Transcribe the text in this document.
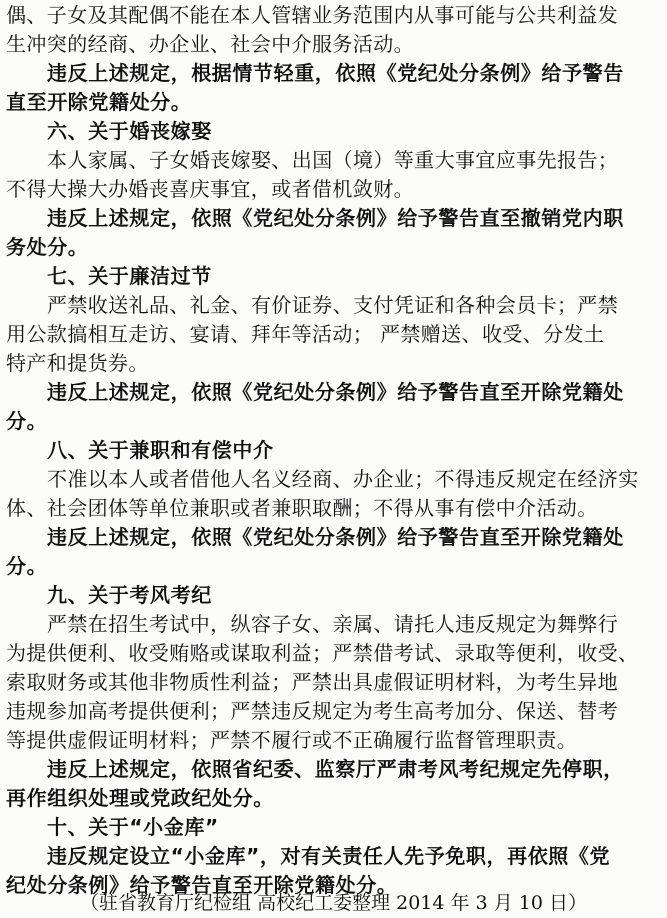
偶、子女及其配偶不能在本人管辖业务范围内从事可能与公共利益发
生冲突的经商、办企业、社会中介服务活动。
违反上述规定，根据情节轻重，依照《党纪处分条例》给予警告
直至开除党籍处分。
六、关于婚丧嫁娶
本人家属、子女婚丧嫁娶、出国（境）等重大事宜应事先报告；
不得大操大办婚丧喜庆事宜，或者借机敛财。
违反上述规定，依照《党纪处分条例》给予警告直至撤销党内职
务处分。
七、关于廉洁过节
严禁收送礼品、礼金、有价证券、支付凭证和各种会员卡；严禁
用公款搞相互走访、宴请、拜年等活动； 严禁赠送、收受、分发土
特产和提货券。
违反上述规定，依照《党纪处分条例》给予警告直至开除党籍处
分。
八、关于兼职和有偿中介
不准以本人或者借他人名义经商、办企业；不得违反规定在经济实
体、社会团体等单位兼职或者兼职取酬；不得从事有偿中介活动。
违反上述规定，依照《党纪处分条例》给予警告直至开除党籍处
分。
九、关于考风考纪
严禁在招生考试中，纵容子女、亲属、请托人违反规定为舞弊行
为提供便利、收受贿赂或谋取利益；严禁借考试、录取等便利，收受、
索取财务或其他非物质性利益；严禁出具虚假证明材料，为考生异地
违规参加高考提供便利；严禁违反规定为考生高考加分、保送、替考
等提供虚假证明材料；严禁不履行或不正确履行监督管理职责。
违反上述规定，依照省纪委、监察厅严肃考风考纪规定先停职，
再作组织处理或党政纪处分。
十、关于“小金库”
违反规定设立“小金库”，对有关责任人先予免职，再依照《党
纪处分条例》给予警告直至开除党籍处分。
（驻省教育厅纪检组 高校纪工委整理 2014 年 3 月 10 日）
